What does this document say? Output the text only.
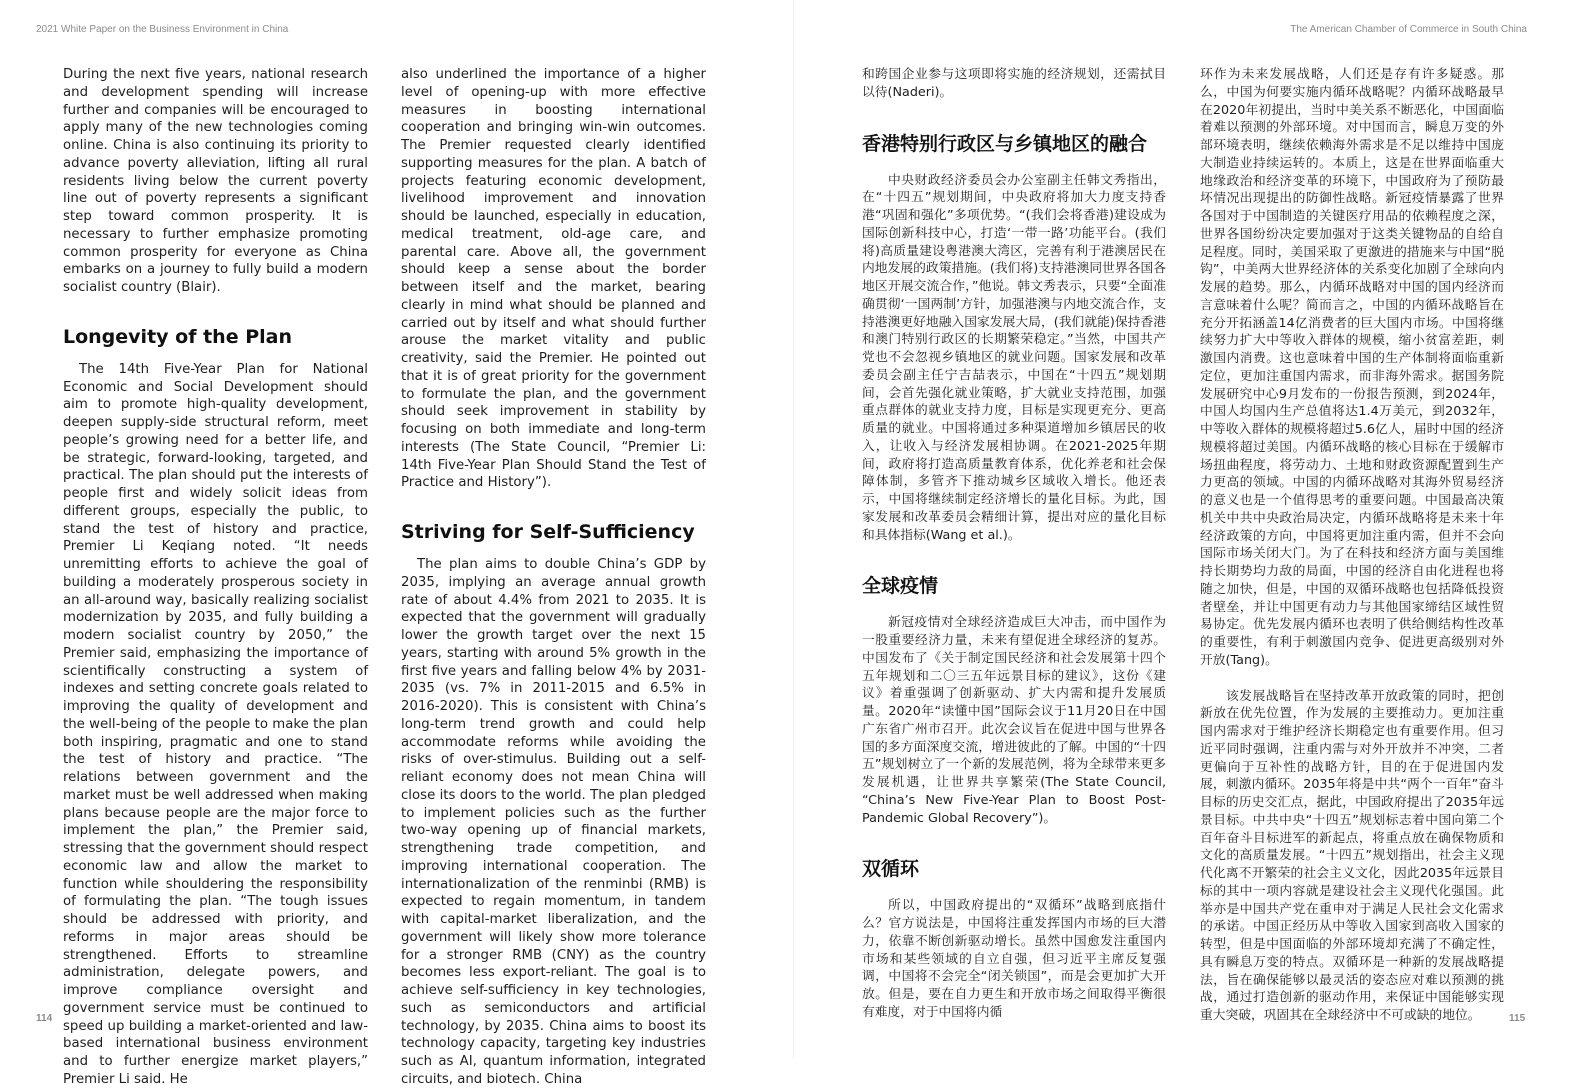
2021 White Paper on the Business Environment in China	The American Chamber of Commerce in South China

During the next five years, national research and development spending will increase further and companies will be encouraged to apply many of the new technologies coming online. China is also continuing its priority to advance poverty alleviation, lifting all rural residents living below the current poverty line out of poverty represents a significant step toward common prosperity. It is necessary to further emphasize promoting common prosperity for everyone as China embarks on a journey to fully build a modern socialist country (Blair).

Longevity of the Plan

The 14th Five-Year Plan for National Economic and Social Development should aim to promote high-quality development, deepen supply-side structural reform, meet people’s growing need for a better life, and be strategic, forward-looking, targeted, and practical. The plan should put the interests of people first and widely solicit ideas from different groups, especially the public, to stand the test of history and practice, Premier Li Keqiang noted. “It needs unremitting efforts to achieve the goal of building a moderately prosperous society in an all-around way, basically realizing socialist modernization by 2035, and fully building a modern socialist country by 2050,” the Premier said, emphasizing the importance of scientifically constructing a system of indexes and setting concrete goals related to improving the quality of development and the well-being of the people to make the plan both inspiring, pragmatic and one to stand the test of history and practice. “The relations between government and the market must be well addressed when making plans because people are the major force to implement the plan,” the Premier said, stressing that the government should respect economic law and allow the market to function while shouldering the responsibility of formulating the plan. “The tough issues should be addressed with priority, and reforms in major areas should be strengthened. Efforts to streamline administration, delegate powers, and improve compliance oversight and government service must be continued to speed up building a market-oriented and law-based international business environment and to further energize market players,” Premier Li said. He

also underlined the importance of a higher level of opening-up with more effective measures in boosting international cooperation and bringing win-win outcomes. The Premier requested clearly identified supporting measures for the plan. A batch of projects featuring economic development, livelihood improvement and innovation should be launched, especially in education, medical treatment, old-age care, and parental care. Above all, the government should keep a sense about the border between itself and the market, bearing clearly in mind what should be planned and carried out by itself and what should further arouse the market vitality and public creativity, said the Premier. He pointed out that it is of great priority for the government to formulate the plan, and the government should seek improvement in stability by focusing on both immediate and long-term interests (The State Council, “Premier Li: 14th Five-Year Plan Should Stand the Test of Practice and History”).

Striving for Self-Sufficiency

The plan aims to double China’s GDP by 2035, implying an average annual growth rate of about 4.4% from 2021 to 2035. It is expected that the government will gradually lower the growth target over the next 15 years, starting with around 5% growth in the first five years and falling below 4% by 2031-2035 (vs. 7% in 2011-2015 and 6.5% in 2016-2020). This is consistent with China’s long-term trend growth and could help accommodate reforms while avoiding the risks of over-stimulus. Building out a self-reliant economy does not mean China will close its doors to the world. The plan pledged to implement policies such as the further two-way opening up of financial markets, strengthening trade competition, and improving international cooperation. The internationalization of the renminbi (RMB) is expected to regain momentum, in tandem with capital-market liberalization, and the government will likely show more tolerance for a stronger RMB (CNY) as the country becomes less export-reliant. The goal is to achieve self-sufficiency in key technologies, such as semiconductors and artificial technology, by 2035. China aims to boost its technology capacity, targeting key industries such as AI, quantum information, integrated circuits, and biotech. China

和跨国企业参与这项即将实施的经济规划，还需拭目以待(Naderi)。

香港特别行政区与乡镇地区的融合

中央财政经济委员会办公室副主任韩文秀指出，在“十四五”规划期间，中央政府将加大力度支持香港“巩固和强化”多项优势。“(我们会将香港)建设成为国际创新科技中心，打造‘一带一路’功能平台。(我们将)高质量建设粤港澳大湾区，完善有利于港澳居民在内地发展的政策措施。(我们将)支持港澳同世界各国各地区开展交流合作，”他说。韩文秀表示，只要“全面准确贯彻‘一国两制’方针，加强港澳与内地交流合作，支持港澳更好地融入国家发展大局，(我们就能)保持香港和澳门特别行政区的长期繁荣稳定。”当然，中国共产党也不会忽视乡镇地区的就业问题。国家发展和改革委员会副主任宁吉喆表示，中国在“十四五”规划期间，会首先强化就业策略，扩大就业支持范围，加强重点群体的就业支持力度，目标是实现更充分、更高质量的就业。中国将通过多种渠道增加乡镇居民的收入，让收入与经济发展相协调。在2021-2025年期间，政府将打造高质量教育体系，优化养老和社会保障体制，多管齐下推动城乡区域收入增长。他还表示，中国将继续制定经济增长的量化目标。为此，国家发展和改革委员会精细计算，提出对应的量化目标和具体指标(Wang et al.)。

全球疫情

新冠疫情对全球经济造成巨大冲击，而中国作为一股重要经济力量，未来有望促进全球经济的复苏。中国发布了《关于制定国民经济和社会发展第十四个五年规划和二〇三五年远景目标的建议》，这份《建议》着重强调了创新驱动、扩大内需和提升发展质量。2020年“读懂中国”国际会议于11月20日在中国广东省广州市召开。此次会议旨在促进中国与世界各国的多方面深度交流，增进彼此的了解。中国的“十四五”规划树立了一个新的发展范例，将为全球带来更多发展机遇，让世界共享繁荣(The State Council, “China’s New Five-Year Plan to Boost Post-Pandemic Global Recovery”)。

双循环

所以，中国政府提出的“双循环”战略到底指什么？官方说法是，中国将注重发挥国内市场的巨大潜力，依靠不断创新驱动增长。虽然中国愈发注重国内市场和某些领域的自立自强，但习近平主席反复强调，中国将不会完全“闭关锁国”，而是会更加扩大开放。但是，要在自力更生和开放市场之间取得平衡很有难度，对于中国将内循

环作为未来发展战略，人们还是存有许多疑惑。那么，中国为何要实施内循环战略呢？内循环战略最早在2020年初提出，当时中美关系不断恶化，中国面临着难以预测的外部环境。对中国而言，瞬息万变的外部环境表明，继续依赖海外需求是不足以维持中国庞大制造业持续运转的。本质上，这是在世界面临重大地缘政治和经济变革的环境下，中国政府为了预防最坏情况出现提出的防御性战略。新冠疫情暴露了世界各国对于中国制造的关键医疗用品的依赖程度之深，世界各国纷纷决定要加强对于这类关键物品的自给自足程度。同时，美国采取了更激进的措施来与中国“脱钩”，中美两大世界经济体的关系变化加剧了全球向内发展的趋势。那么，内循环战略对中国的国内经济而言意味着什么呢？简而言之，中国的内循环战略旨在充分开拓涵盖14亿消费者的巨大国内市场。中国将继续努力扩大中等收入群体的规模，缩小贫富差距，刺激国内消费。这也意味着中国的生产体制将面临重新定位，更加注重国内需求，而非海外需求。据国务院发展研究中心9月发布的一份报告预测，到2024年，中国人均国内生产总值将达1.4万美元，到2032年，中等收入群体的规模将超过5.6亿人，届时中国的经济规模将超过美国。内循环战略的核心目标在于缓解市场扭曲程度，将劳动力、土地和财政资源配置到生产力更高的领域。中国的内循环战略对其海外贸易经济的意义也是一个值得思考的重要问题。中国最高决策机关中共中央政治局决定，内循环战略将是未来十年经济政策的方向，中国将更加注重内需，但并不会向国际市场关闭大门。为了在科技和经济方面与美国维持长期势均力敌的局面，中国的经济自由化进程也将随之加快，但是，中国的双循环战略也包括降低投资者壁垒，并让中国更有动力与其他国家缔结区域性贸易协定。优先发展内循环也表明了供给侧结构性改革的重要性，有利于刺激国内竞争、促进更高级别对外开放(Tang)。

该发展战略旨在坚持改革开放政策的同时，把创新放在优先位置，作为发展的主要推动力。更加注重国内需求对于维护经济长期稳定也有重要作用。但习近平同时强调，注重内需与对外开放并不冲突，二者更偏向于互补性的战略方针，目的在于促进国内发展，刺激内循环。2035年将是中共“两个一百年”奋斗目标的历史交汇点，据此，中国政府提出了2035年远景目标。中共中央“十四五”规划标志着中国向第二个百年奋斗目标进军的新起点，将重点放在确保物质和文化的高质量发展。“十四五”规划指出，社会主义现代化离不开繁荣的社会主义文化，因此2035年远景目标的其中一项内容就是建设社会主义现代化强国。此举亦是中国共产党在重申对于满足人民社会文化需求的承诺。中国正经历从中等收入国家到高收入国家的转型，但是中国面临的外部环境却充满了不确定性，具有瞬息万变的特点。双循环是一种新的发展战略提法，旨在确保能够以最灵活的姿态应对难以预测的挑战，通过打造创新的驱动作用，来保证中国能够实现重大突破，巩固其在全球经济中不可或缺的地位。

114	115
